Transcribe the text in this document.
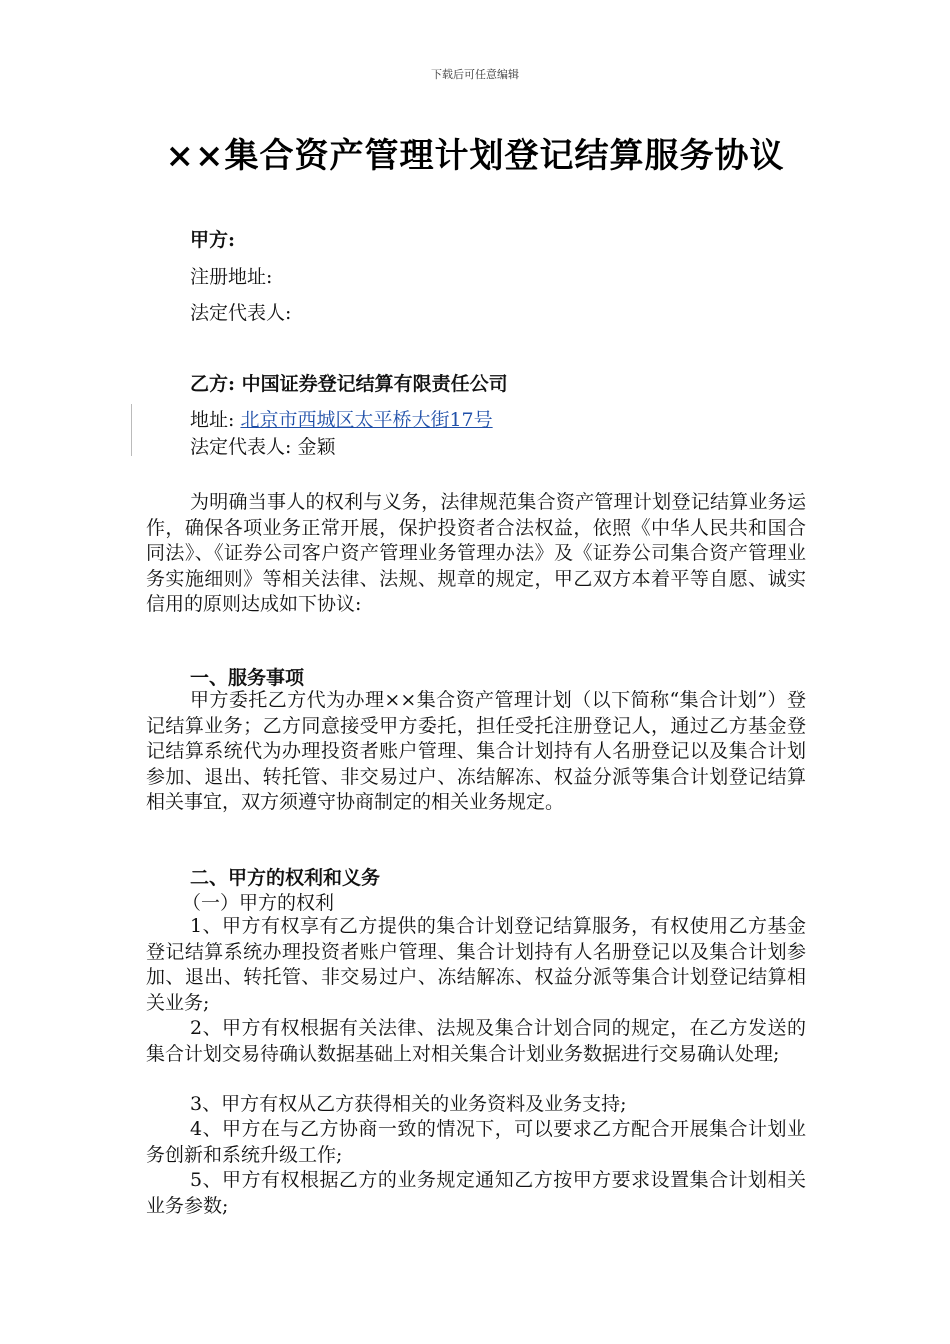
下载后可任意编辑
××集合资产管理计划登记结算服务协议
甲方:
注册地址:
法定代表人:
乙方: 中国证券登记结算有限责任公司
地址: 北京市西城区太平桥大街17号
法定代表人: 金颖

为明确当事人的权利与义务，法律规范集合资产管理计划登记结算业务运作，确保各项业务正常开展，保护投资者合法权益，依照《中华人民共和国合同法》、《证券公司客户资产管理业务管理办法》及《证券公司集合资产管理业务实施细则》等相关法律、法规、规章的规定，甲乙双方本着平等自愿、诚实信用的原则达成如下协议:

一、服务事项

甲方委托乙方代为办理××集合资产管理计划（以下简称“集合计划”）登记结算业务；乙方同意接受甲方委托，担任受托注册登记人，通过乙方基金登记结算系统代为办理投资者账户管理、集合计划持有人名册登记以及集合计划参加、退出、转托管、非交易过户、冻结解冻、权益分派等集合计划登记结算相关事宜，双方须遵守协商制定的相关业务规定。

二、甲方的权利和义务
（一）甲方的权利

1、甲方有权享有乙方提供的集合计划登记结算服务，有权使用乙方基金登记结算系统办理投资者账户管理、集合计划持有人名册登记以及集合计划参加、退出、转托管、非交易过户、冻结解冻、权益分派等集合计划登记结算相关业务;

2、甲方有权根据有关法律、法规及集合计划合同的规定，在乙方发送的集合计划交易待确认数据基础上对相关集合计划业务数据进行交易确认处理;

3、甲方有权从乙方获得相关的业务资料及业务支持;

4、甲方在与乙方协商一致的情况下，可以要求乙方配合开展集合计划业务创新和系统升级工作;

5、甲方有权根据乙方的业务规定通知乙方按甲方要求设置集合计划相关业务参数;
